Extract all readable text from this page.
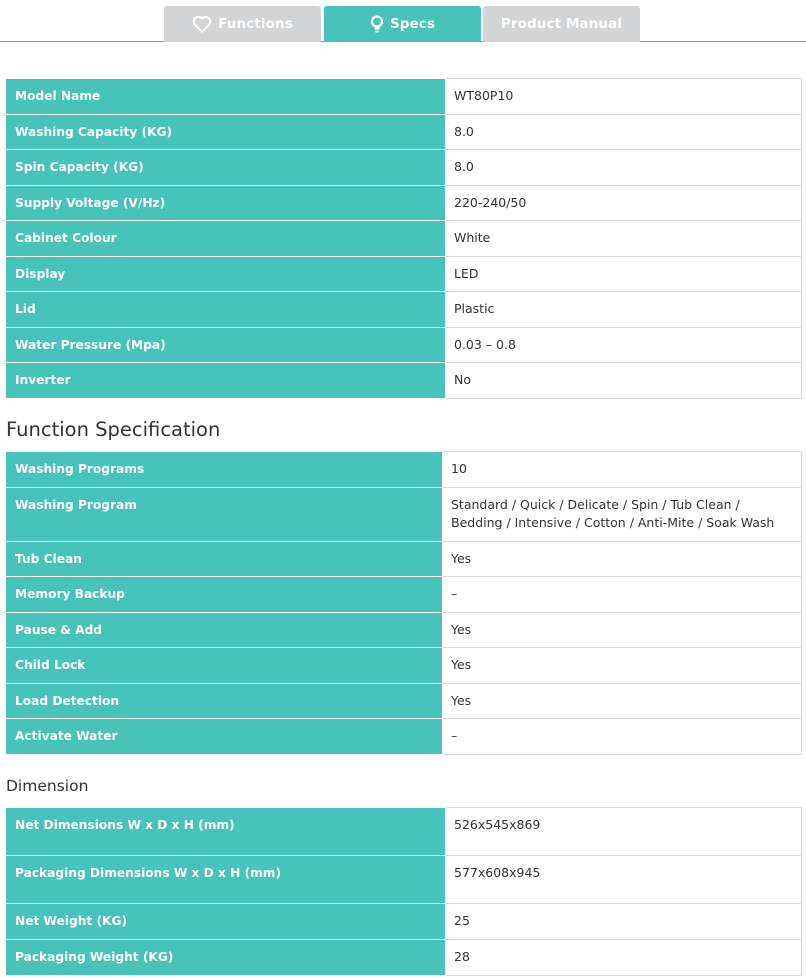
Functions	Specs	Product Manual
Model Name	WT80P10
Washing Capacity (KG)	8.0
Spin Capacity (KG)	8.0
Supply Voltage (V/Hz)	220-240/50
Cabinet Colour	White
Display	LED
Lid	Plastic
Water Pressure (Mpa)	0.03 – 0.8
Inverter	No
Function Specification
Washing Programs	10
Washing Program	Standard / Quick / Delicate / Spin / Tub Clean / Bedding / Intensive / Cotton / Anti-Mite / Soak Wash
Tub Clean	Yes
Memory Backup	–
Pause & Add	Yes
Child Lock	Yes
Load Detection	Yes
Activate Water	–
Dimension
Net Dimensions W x D x H (mm)	526x545x869
Packaging Dimensions W x D x H (mm)	577x608x945
Net Weight (KG)	25
Packaging Weight (KG)	28
